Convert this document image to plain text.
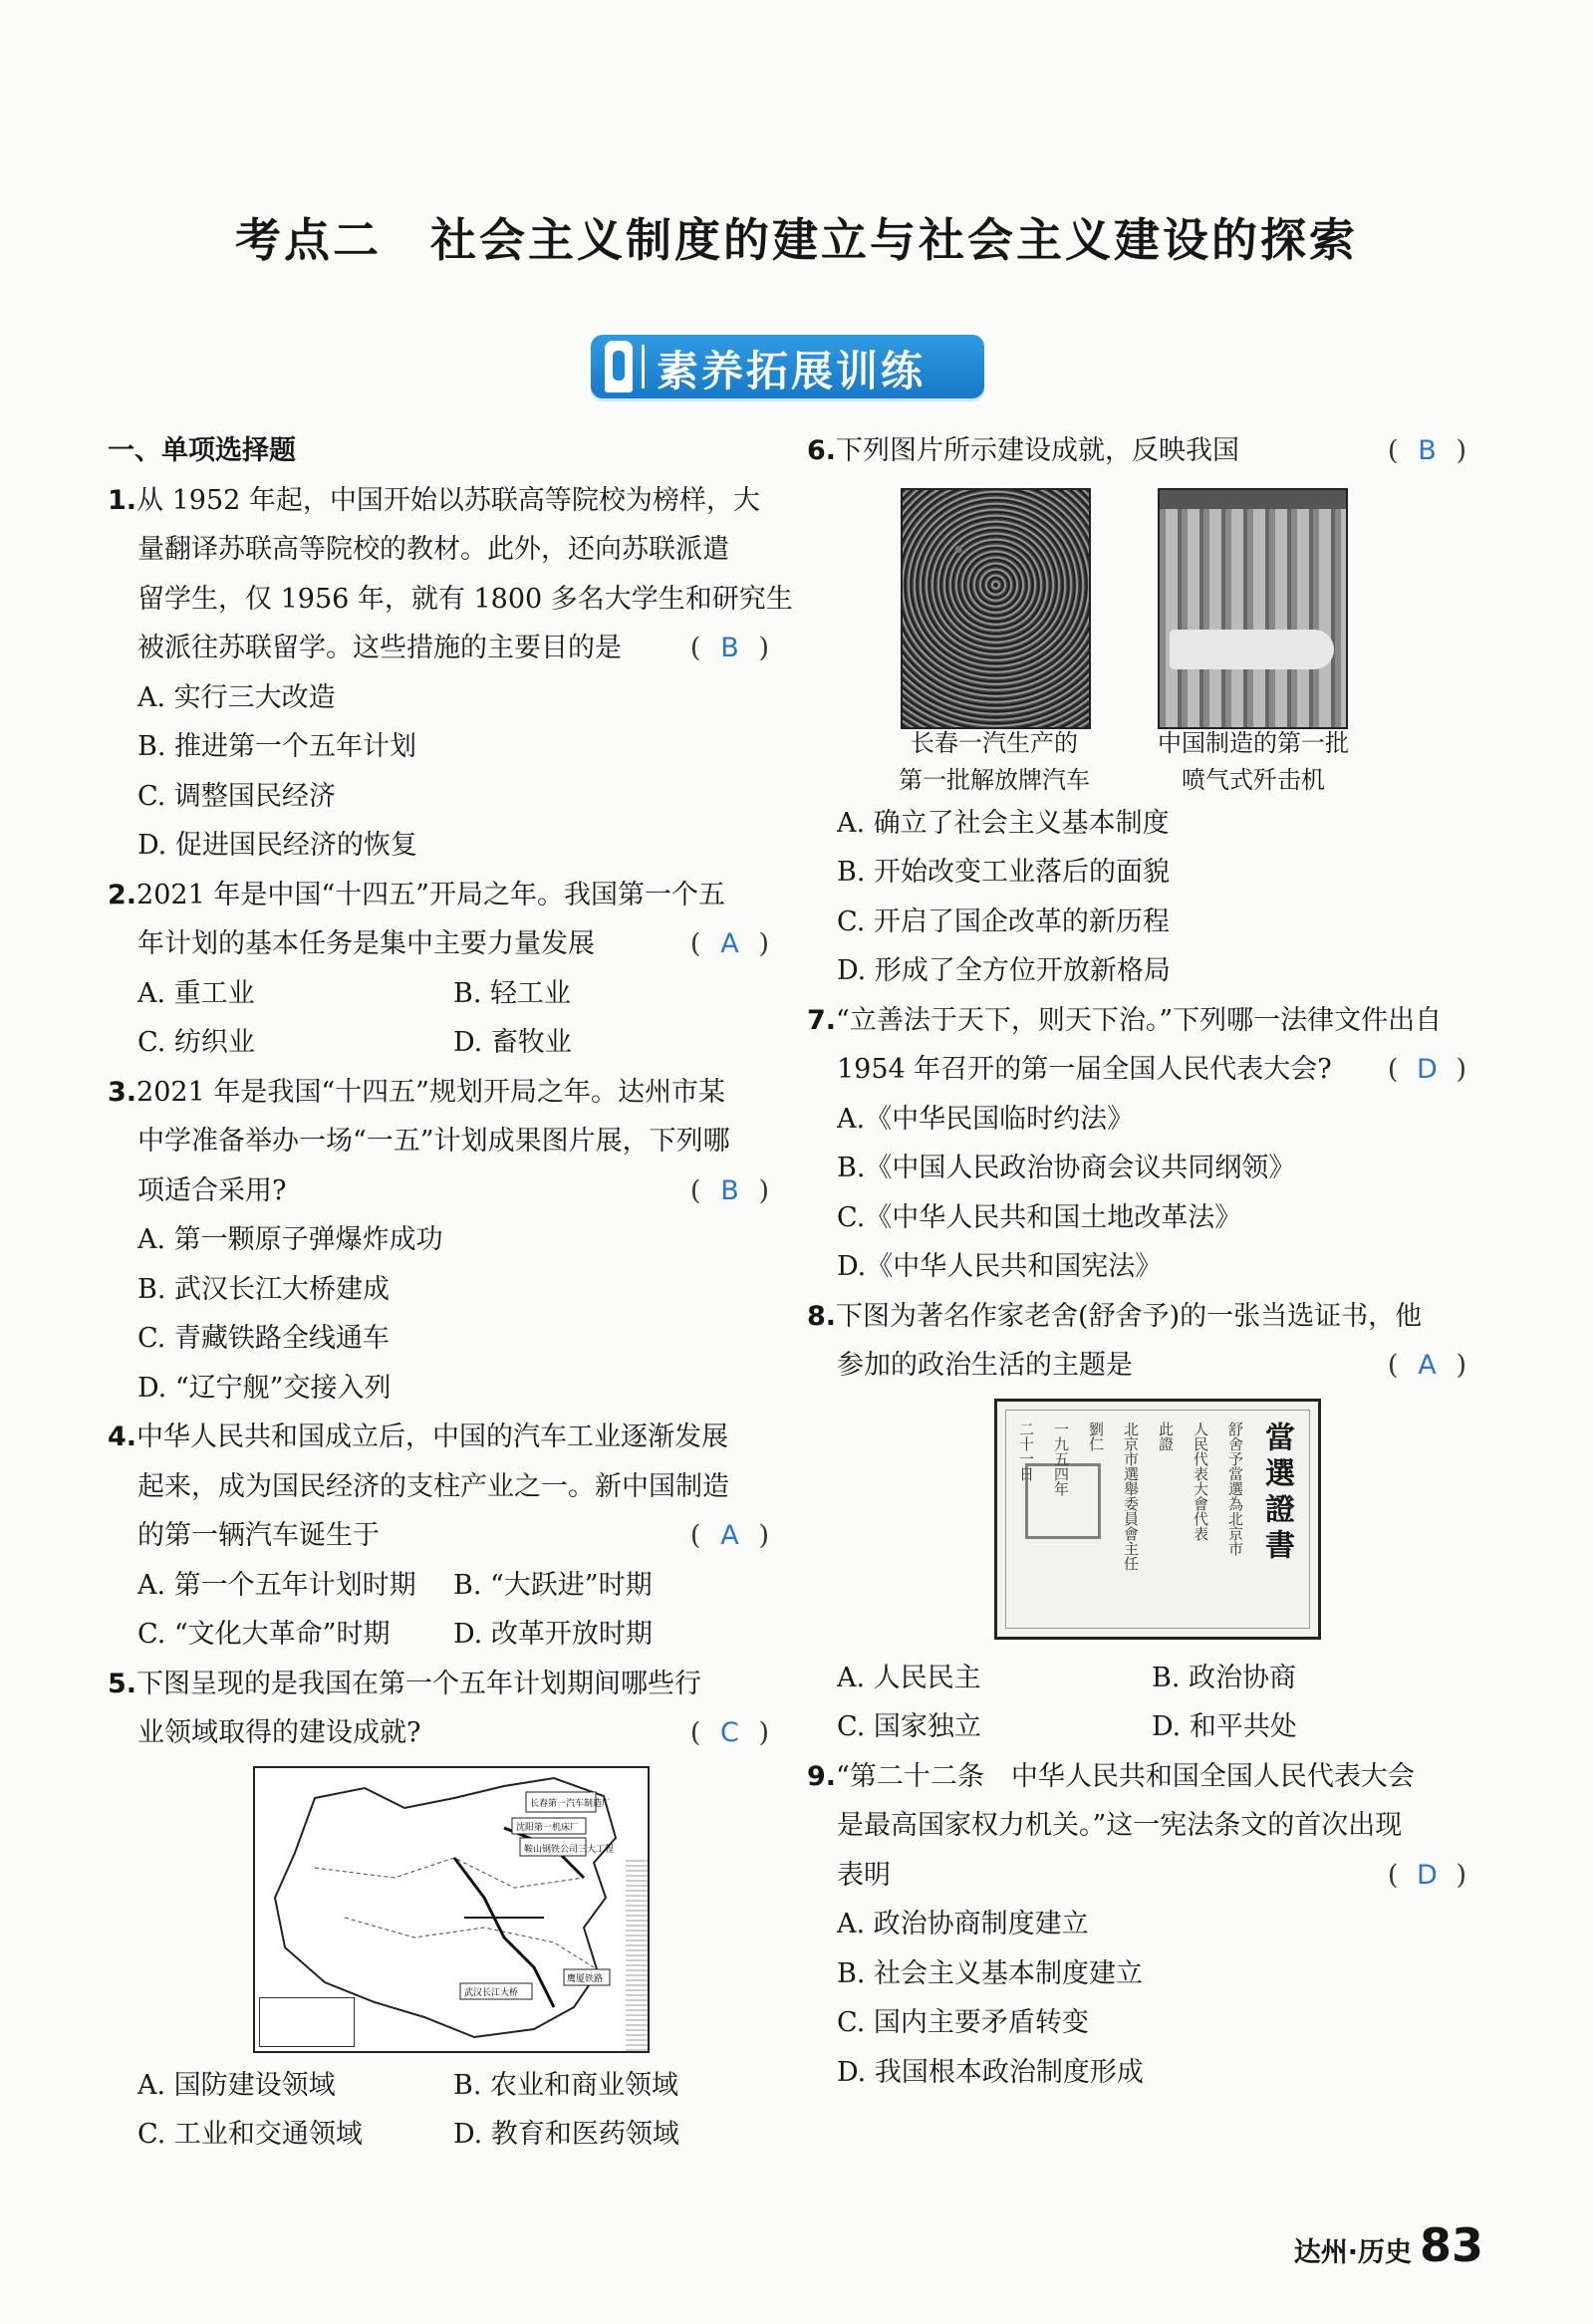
考点二　社会主义制度的建立与社会主义建设的探索
素养拓展训练
一、单项选择题
1.从 1952 年起，中国开始以苏联高等院校为榜样，大
量翻译苏联高等院校的教材。此外，还向苏联派遣
留学生，仅 1956 年，就有 1800 多名大学生和研究生
被派往苏联留学。这些措施的主要目的是	( B )
A. 实行三大改造
B. 推进第一个五年计划
C. 调整国民经济
D. 促进国民经济的恢复
2.2021 年是中国“十四五”开局之年。我国第一个五
年计划的基本任务是集中主要力量发展	( A )
A. 重工业	B. 轻工业
C. 纺织业	D. 畜牧业
3.2021 年是我国“十四五”规划开局之年。达州市某
中学准备举办一场“一五”计划成果图片展，下列哪
项适合采用?	( B )
A. 第一颗原子弹爆炸成功
B. 武汉长江大桥建成
C. 青藏铁路全线通车
D. “辽宁舰”交接入列
4.中华人民共和国成立后，中国的汽车工业逐渐发展
起来，成为国民经济的支柱产业之一。新中国制造
的第一辆汽车诞生于	( A )
A. 第一个五年计划时期	B. “大跃进”时期
C. “文化大革命”时期	D. 改革开放时期
5.下图呈现的是我国在第一个五年计划期间哪些行
业领域取得的建设成就?	( C )
长春第一汽车制造厂
沈阳第一机床厂
鞍山钢铁公司三大工程
武汉长江大桥
鹰厦铁路
A. 国防建设领域	B. 农业和商业领域
C. 工业和交通领域	D. 教育和医药领域
6.下列图片所示建设成就，反映我国	( B )
长春一汽生产的
第一批解放牌汽车
中国制造的第一批
喷气式歼击机
A. 确立了社会主义基本制度
B. 开始改变工业落后的面貌
C. 开启了国企改革的新历程
D. 形成了全方位开放新格局
7.“立善法于天下，则天下治。”下列哪一法律文件出自
1954 年召开的第一届全国人民代表大会? ( D )
A.《中华民国临时约法》
B.《中国人民政治协商会议共同纲领》
C.《中华人民共和国土地改革法》
D.《中华人民共和国宪法》
8.下图为著名作家老舍(舒舍予)的一张当选证书，他
参加的政治生活的主题是	( A )
當選證書
舒舍予當選為北京市
人民代表大會代表
此證
北京市選舉委員會主任
劉仁
一九五四年
二十一日
A. 人民民主	B. 政治协商
C. 国家独立	D. 和平共处
9.“第二十二条　中华人民共和国全国人民代表大会
是最高国家权力机关。”这一宪法条文的首次出现
表明	( D )
A. 政治协商制度建立
B. 社会主义基本制度建立
C. 国内主要矛盾转变
D. 我国根本政治制度形成
达州·历史 83
